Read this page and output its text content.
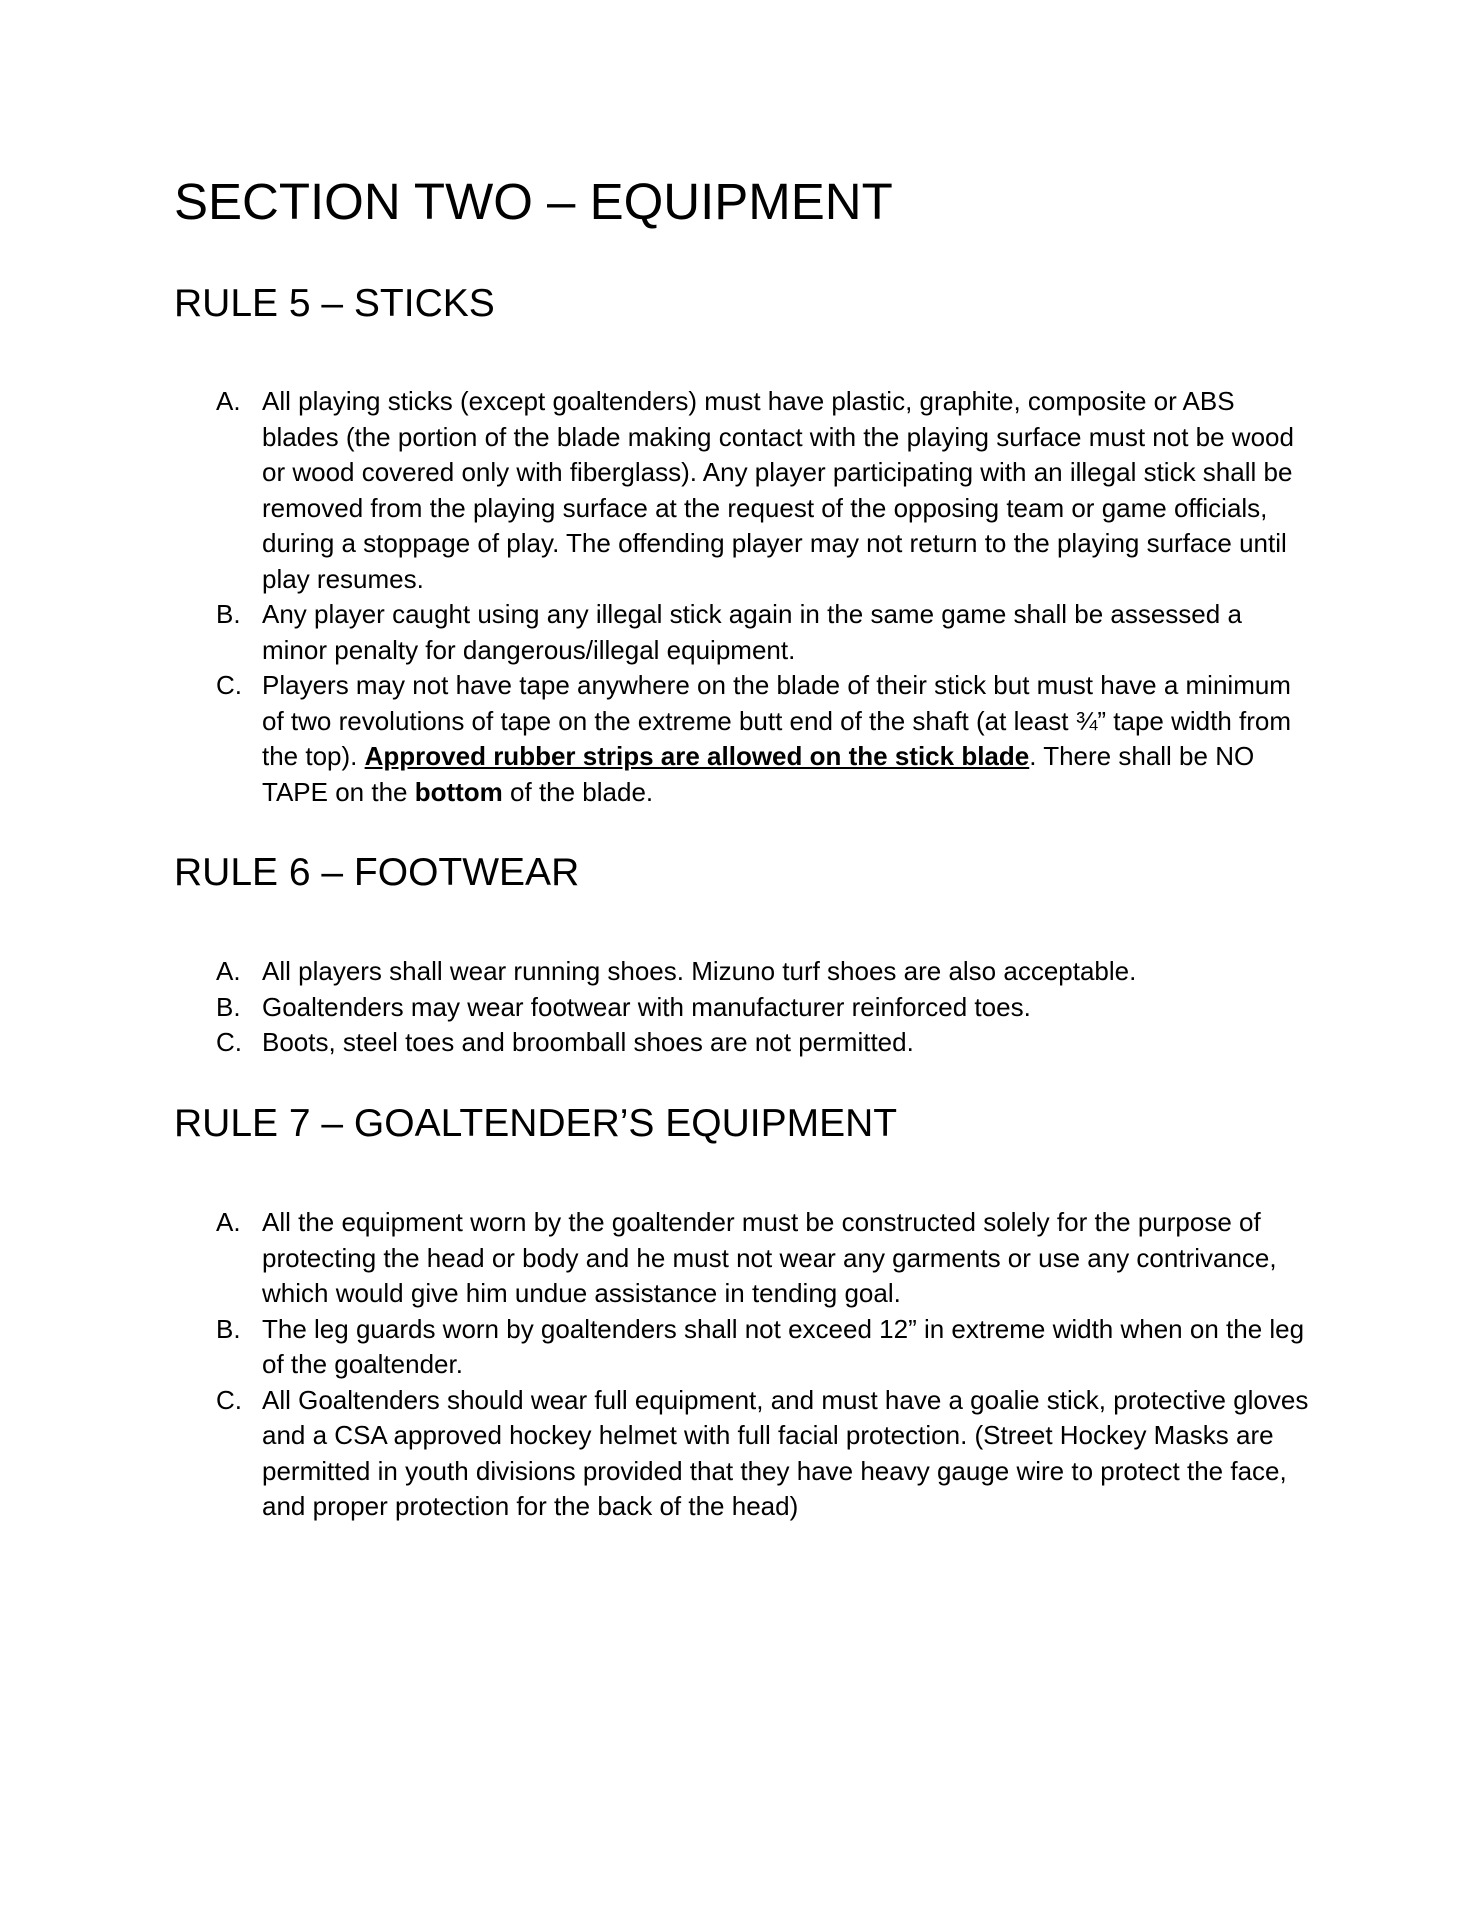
SECTION TWO – EQUIPMENT
RULE 5 – STICKS
A. All playing sticks (except goaltenders) must have plastic, graphite, composite or ABS blades (the portion of the blade making contact with the playing surface must not be wood or wood covered only with fiberglass). Any player participating with an illegal stick shall be removed from the playing surface at the request of the opposing team or game officials, during a stoppage of play. The offending player may not return to the playing surface until play resumes.
B. Any player caught using any illegal stick again in the same game shall be assessed a minor penalty for dangerous/illegal equipment.
C. Players may not have tape anywhere on the blade of their stick but must have a minimum of two revolutions of tape on the extreme butt end of the shaft (at least ¾” tape width from the top). Approved rubber strips are allowed on the stick blade. There shall be NO TAPE on the bottom of the blade.
RULE 6 – FOOTWEAR
A. All players shall wear running shoes. Mizuno turf shoes are also acceptable.
B. Goaltenders may wear footwear with manufacturer reinforced toes.
C. Boots, steel toes and broomball shoes are not permitted.
RULE 7 – GOALTENDER’S EQUIPMENT
A. All the equipment worn by the goaltender must be constructed solely for the purpose of protecting the head or body and he must not wear any garments or use any contrivance, which would give him undue assistance in tending goal.
B. The leg guards worn by goaltenders shall not exceed 12” in extreme width when on the leg of the goaltender.
C. All Goaltenders should wear full equipment, and must have a goalie stick, protective gloves and a CSA approved hockey helmet with full facial protection. (Street Hockey Masks are permitted in youth divisions provided that they have heavy gauge wire to protect the face, and proper protection for the back of the head)
